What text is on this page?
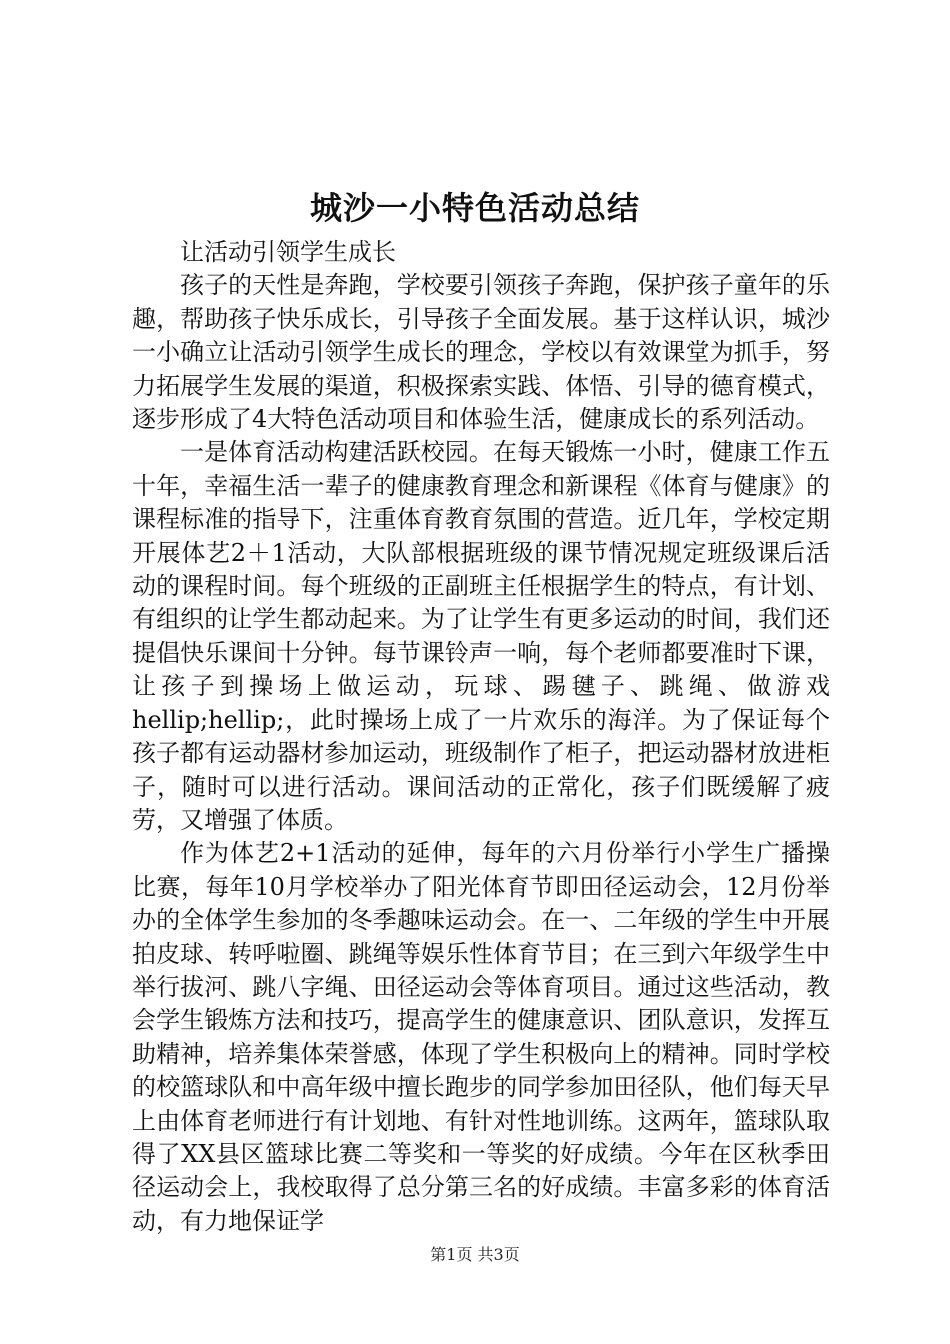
城沙一小特色活动总结

让活动引领学生成长

孩子的天性是奔跑，学校要引领孩子奔跑，保护孩子童年的乐趣，帮助孩子快乐成长，引导孩子全面发展。基于这样认识，城沙一小确立让活动引领学生成长的理念，学校以有效课堂为抓手，努力拓展学生发展的渠道，积极探索实践、体悟、引导的德育模式，逐步形成了4大特色活动项目和体验生活，健康成长的系列活动。

一是体育活动构建活跃校园。在每天锻炼一小时，健康工作五十年，幸福生活一辈子的健康教育理念和新课程《体育与健康》的课程标准的指导下，注重体育教育氛围的营造。近几年，学校定期开展体艺2＋1活动，大队部根据班级的课节情况规定班级课后活动的课程时间。每个班级的正副班主任根据学生的特点，有计划、有组织的让学生都动起来。为了让学生有更多运动的时间，我们还提倡快乐课间十分钟。每节课铃声一响，每个老师都要准时下课，让孩子到操场上做运动，玩球、踢毽子、跳绳、做游戏hellip;hellip;，此时操场上成了一片欢乐的海洋。为了保证每个孩子都有运动器材参加运动，班级制作了柜子，把运动器材放进柜子，随时可以进行活动。课间活动的正常化，孩子们既缓解了疲劳，又增强了体质。

作为体艺2+1活动的延伸，每年的六月份举行小学生广播操比赛，每年10月学校举办了阳光体育节即田径运动会，12月份举办的全体学生参加的冬季趣味运动会。在一、二年级的学生中开展拍皮球、转呼啦圈、跳绳等娱乐性体育节目；在三到六年级学生中举行拔河、跳八字绳、田径运动会等体育项目。通过这些活动，教会学生锻炼方法和技巧，提高学生的健康意识、团队意识，发挥互助精神，培养集体荣誉感，体现了学生积极向上的精神。同时学校的校篮球队和中高年级中擅长跑步的同学参加田径队，他们每天早上由体育老师进行有计划地、有针对性地训练。这两年，篮球队取得了XX县区篮球比赛二等奖和一等奖的好成绩。今年在区秋季田径运动会上，我校取得了总分第三名的好成绩。丰富多彩的体育活动，有力地保证学

第1页 共3页
